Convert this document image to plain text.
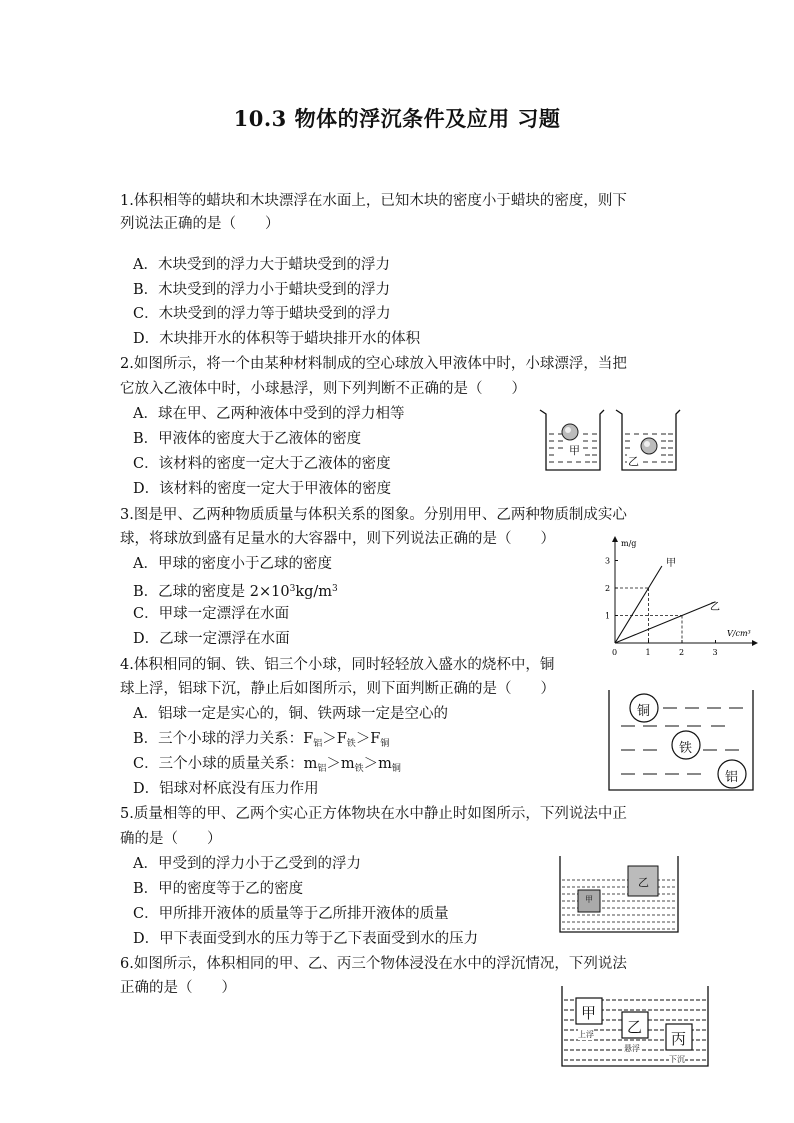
10.3 物体的浮沉条件及应用 习题
1.体积相等的蜡块和木块漂浮在水面上，已知木块的密度小于蜡块的密度，则下
列说法正确的是（　　）
A．木块受到的浮力大于蜡块受到的浮力
B．木块受到的浮力小于蜡块受到的浮力
C．木块受到的浮力等于蜡块受到的浮力
D．木块排开水的体积等于蜡块排开水的体积
2.如图所示，将一个由某种材料制成的空心球放入甲液体中时，小球漂浮，当把
它放入乙液体中时，小球悬浮，则下列判断不正确的是（　　）
A．球在甲、乙两种液体中受到的浮力相等
B．甲液体的密度大于乙液体的密度
C．该材料的密度一定大于乙液体的密度
D．该材料的密度一定大于甲液体的密度
甲
乙
3.图是甲、乙两种物质质量与体积关系的图象。分别用甲、乙两种物质制成实心
球，将球放到盛有足量水的大容器中，则下列说法正确的是（　　）
A．甲球的密度小于乙球的密度
B．乙球的密度是 $2\times 10^3kg/m^3$
C．甲球一定漂浮在水面
D．乙球一定漂浮在水面
m/g
V/cm³
0	1	2	3
1
2
3	甲
乙
4.体积相同的铜、铁、铝三个小球，同时轻轻放入盛水的烧杯中，铜
球上浮，铝球下沉，静止后如图所示，则下面判断正确的是（　　）
A．铝球一定是实心的，铜、铁两球一定是空心的
B．三个小球的浮力关系：$F_铝>F_铁>F_铜$
C．三个小球的质量关系：$m_铝>m_铁>m_铜$
D．铝球对杯底没有压力作用
铜
铁
铝
5.质量相等的甲、乙两个实心正方体物块在水中静止时如图所示，下列说法中正
确的是（　　）
A．甲受到的浮力小于乙受到的浮力
B．甲的密度等于乙的密度
C．甲所排开液体的质量等于乙所排开液体的质量
D．甲下表面受到水的压力等于乙下表面受到水的压力
甲
乙
6.如图所示，体积相同的甲、乙、丙三个物体浸没在水中的浮沉情况，下列说法
正确的是（　　）
甲
乙
丙
上浮
悬浮
下沉
